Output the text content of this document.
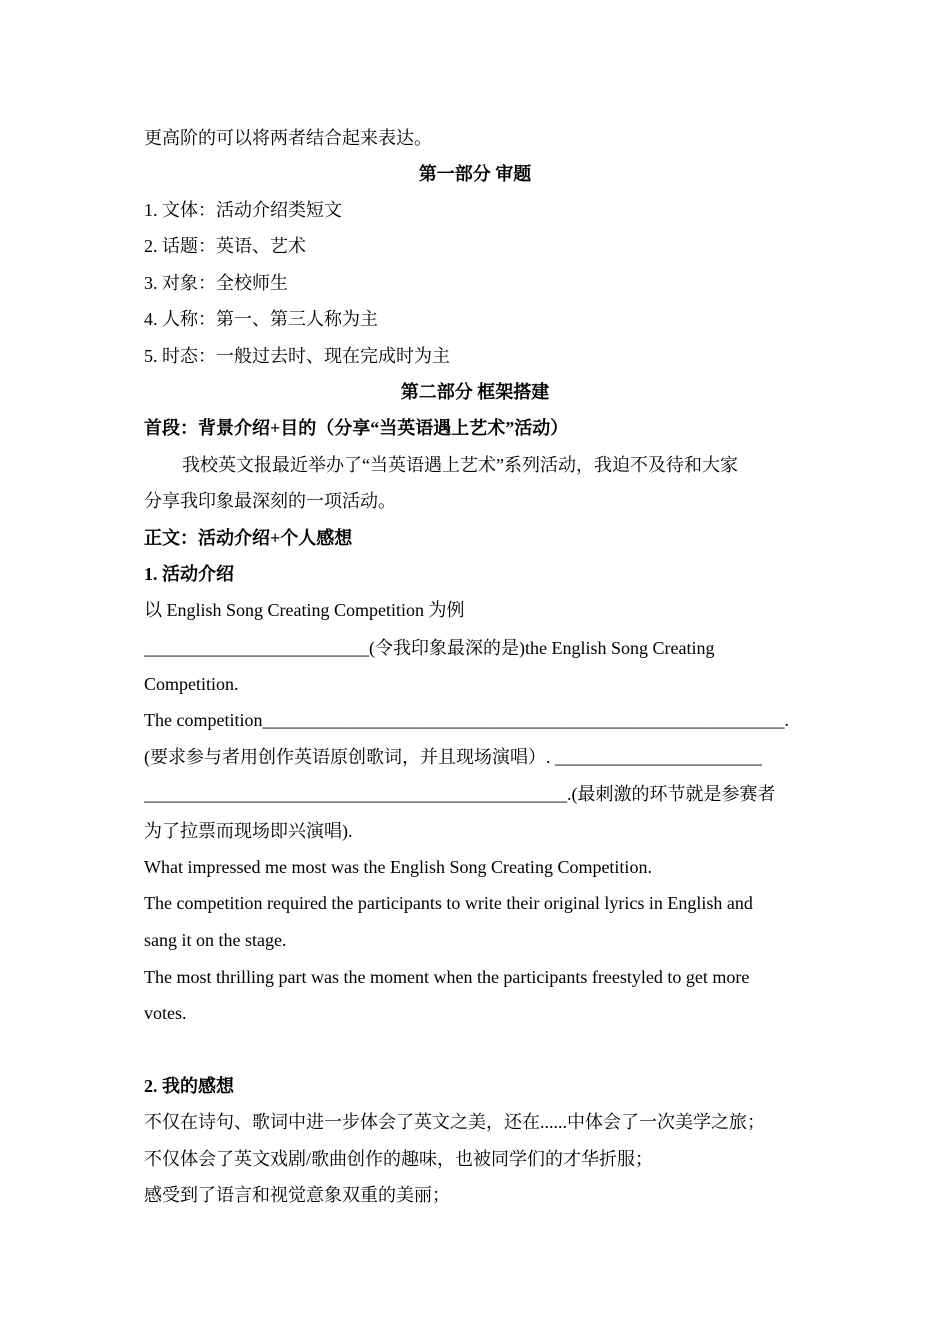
更高阶的可以将两者结合起来表达。
第一部分 审题
1. 文体：活动介绍类短文
2. 话题：英语、艺术
3. 对象：全校师生
4. 人称：第一、第三人称为主
5. 时态：一般过去时、现在完成时为主
第二部分 框架搭建
首段：背景介绍+目的（分享“当英语遇上艺术”活动）
我校英文报最近举办了“当英语遇上艺术”系列活动，我迫不及待和大家
分享我印象最深刻的一项活动。
正文：活动介绍+个人感想
1. 活动介绍
以 English Song Creating Competition 为例
_________________________(令我印象最深的是)the English Song Creating
Competition.
The competition__________________________________________________________.
(要求参与者用创作英语原创歌词，并且现场演唱）. _______________________
_______________________________________________.(最刺激的环节就是参赛者
为了拉票而现场即兴演唱).
What impressed me most was the English Song Creating Competition.
The competition required the participants to write their original lyrics in English and
sang it on the stage.
The most thrilling part was the moment when the participants freestyled to get more
votes.
2. 我的感想
不仅在诗句、歌词中进一步体会了英文之美，还在......中体会了一次美学之旅；
不仅体会了英文戏剧/歌曲创作的趣味，也被同学们的才华折服；
感受到了语言和视觉意象双重的美丽；
